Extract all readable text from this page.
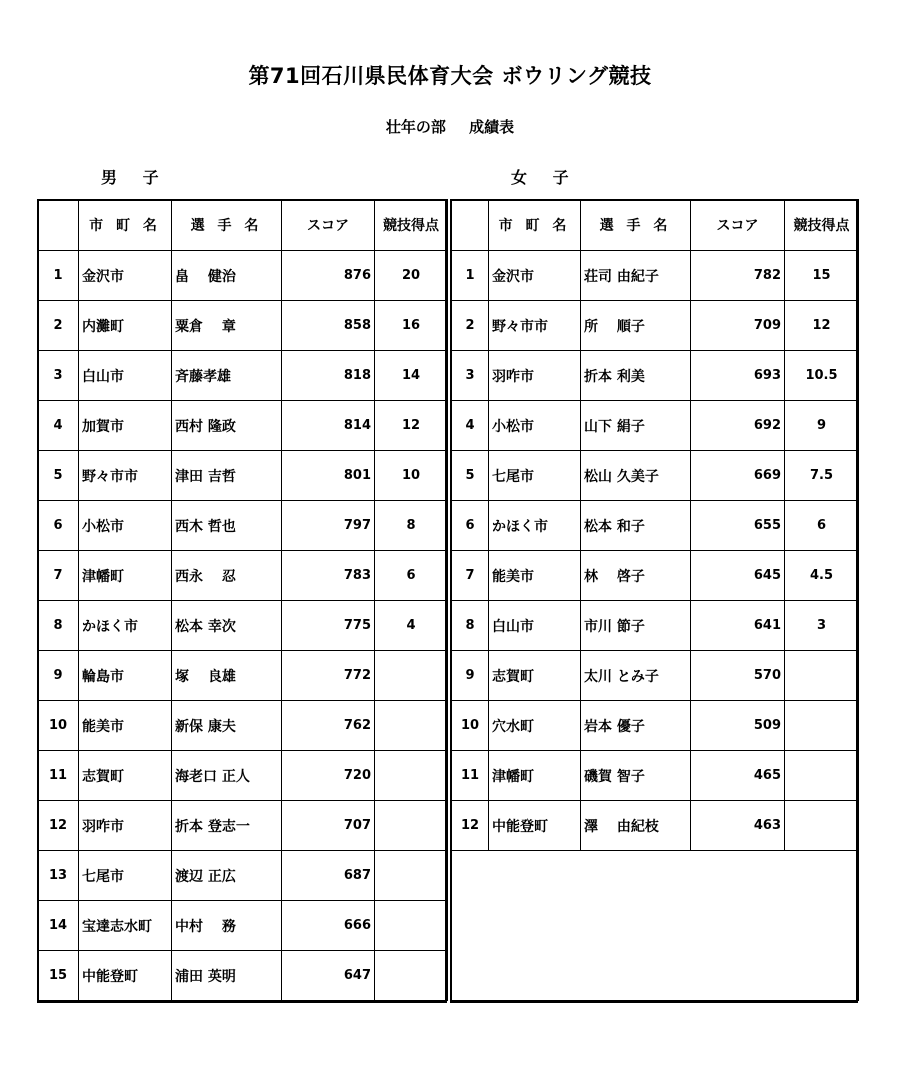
第71回石川県民体育大会 ボウリング競技
壮年の部 成績表
男 子	女 子
	市 町 名	選 手 名	スコア	競技得点
1	金沢市	畠　 健治	876	20
2	内灘町	粟倉　 章	858	16
3	白山市	斉藤孝雄	818	14
4	加賀市	西村 隆政	814	12
5	野々市市	津田 吉哲	801	10
6	小松市	西木 哲也	797	8
7	津幡町	西永　 忍	783	6
8	かほく市	松本 幸次	775	4
9	輪島市	塚　 良雄	772	
10	能美市	新保 康夫	762	
11	志賀町	海老口 正人	720	
12	羽咋市	折本 登志一	707	
13	七尾市	渡辺 正広	687	
14	宝達志水町	中村　 務	666	
15	中能登町	浦田 英明	647	
	市 町 名	選 手 名	スコア	競技得点
1	金沢市	荘司 由紀子	782	15
2	野々市市	所　 順子	709	12
3	羽咋市	折本 利美	693	10.5
4	小松市	山下 絹子	692	9
5	七尾市	松山 久美子	669	7.5
6	かほく市	松本 和子	655	6
7	能美市	林　 啓子	645	4.5
8	白山市	市川 節子	641	3
9	志賀町	太川 とみ子	570	
10	穴水町	岩本 優子	509	
11	津幡町	磯賀 智子	465	
12	中能登町	澤　 由紀枝	463	
